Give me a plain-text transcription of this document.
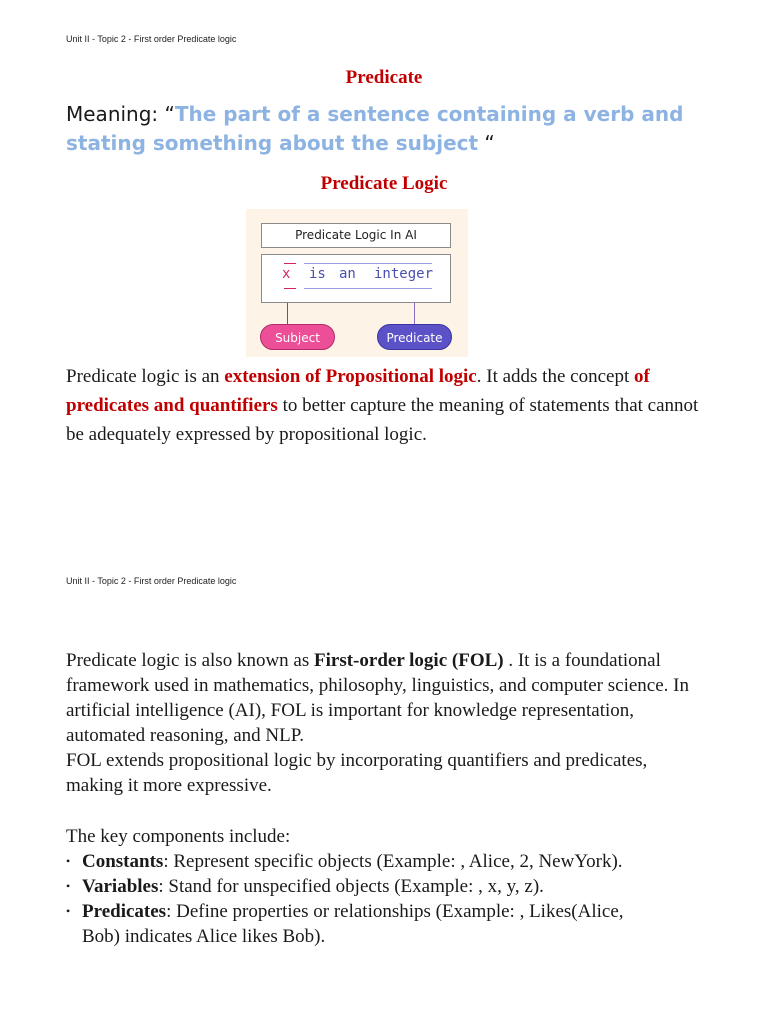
Unit II - Topic 2 - First order Predicate logic
Predicate
Meaning: “The part of a sentence containing a verb and stating something about the subject “
Predicate Logic
Predicate Logic In AI
x is an integer
Subject	Predicate
Predicate logic is an extension of Propositional logic. It adds the concept of predicates and quantifiers to better capture the meaning of statements that cannot be adequately expressed by propositional logic.
Unit II - Topic 2 - First order Predicate logic
Predicate logic is also known as First-order logic (FOL) . It is a foundational framework used in mathematics, philosophy, linguistics, and computer science. In artificial intelligence (AI), FOL is important for knowledge representation, automated reasoning, and NLP.
FOL extends propositional logic by incorporating quantifiers and predicates, making it more expressive.
The key components include:
• Constants: Represent specific objects (Example: , Alice, 2, NewYork).
• Variables: Stand for unspecified objects (Example: , x, y, z).
• Predicates: Define properties or relationships (Example: , Likes(Alice, Bob) indicates Alice likes Bob).
